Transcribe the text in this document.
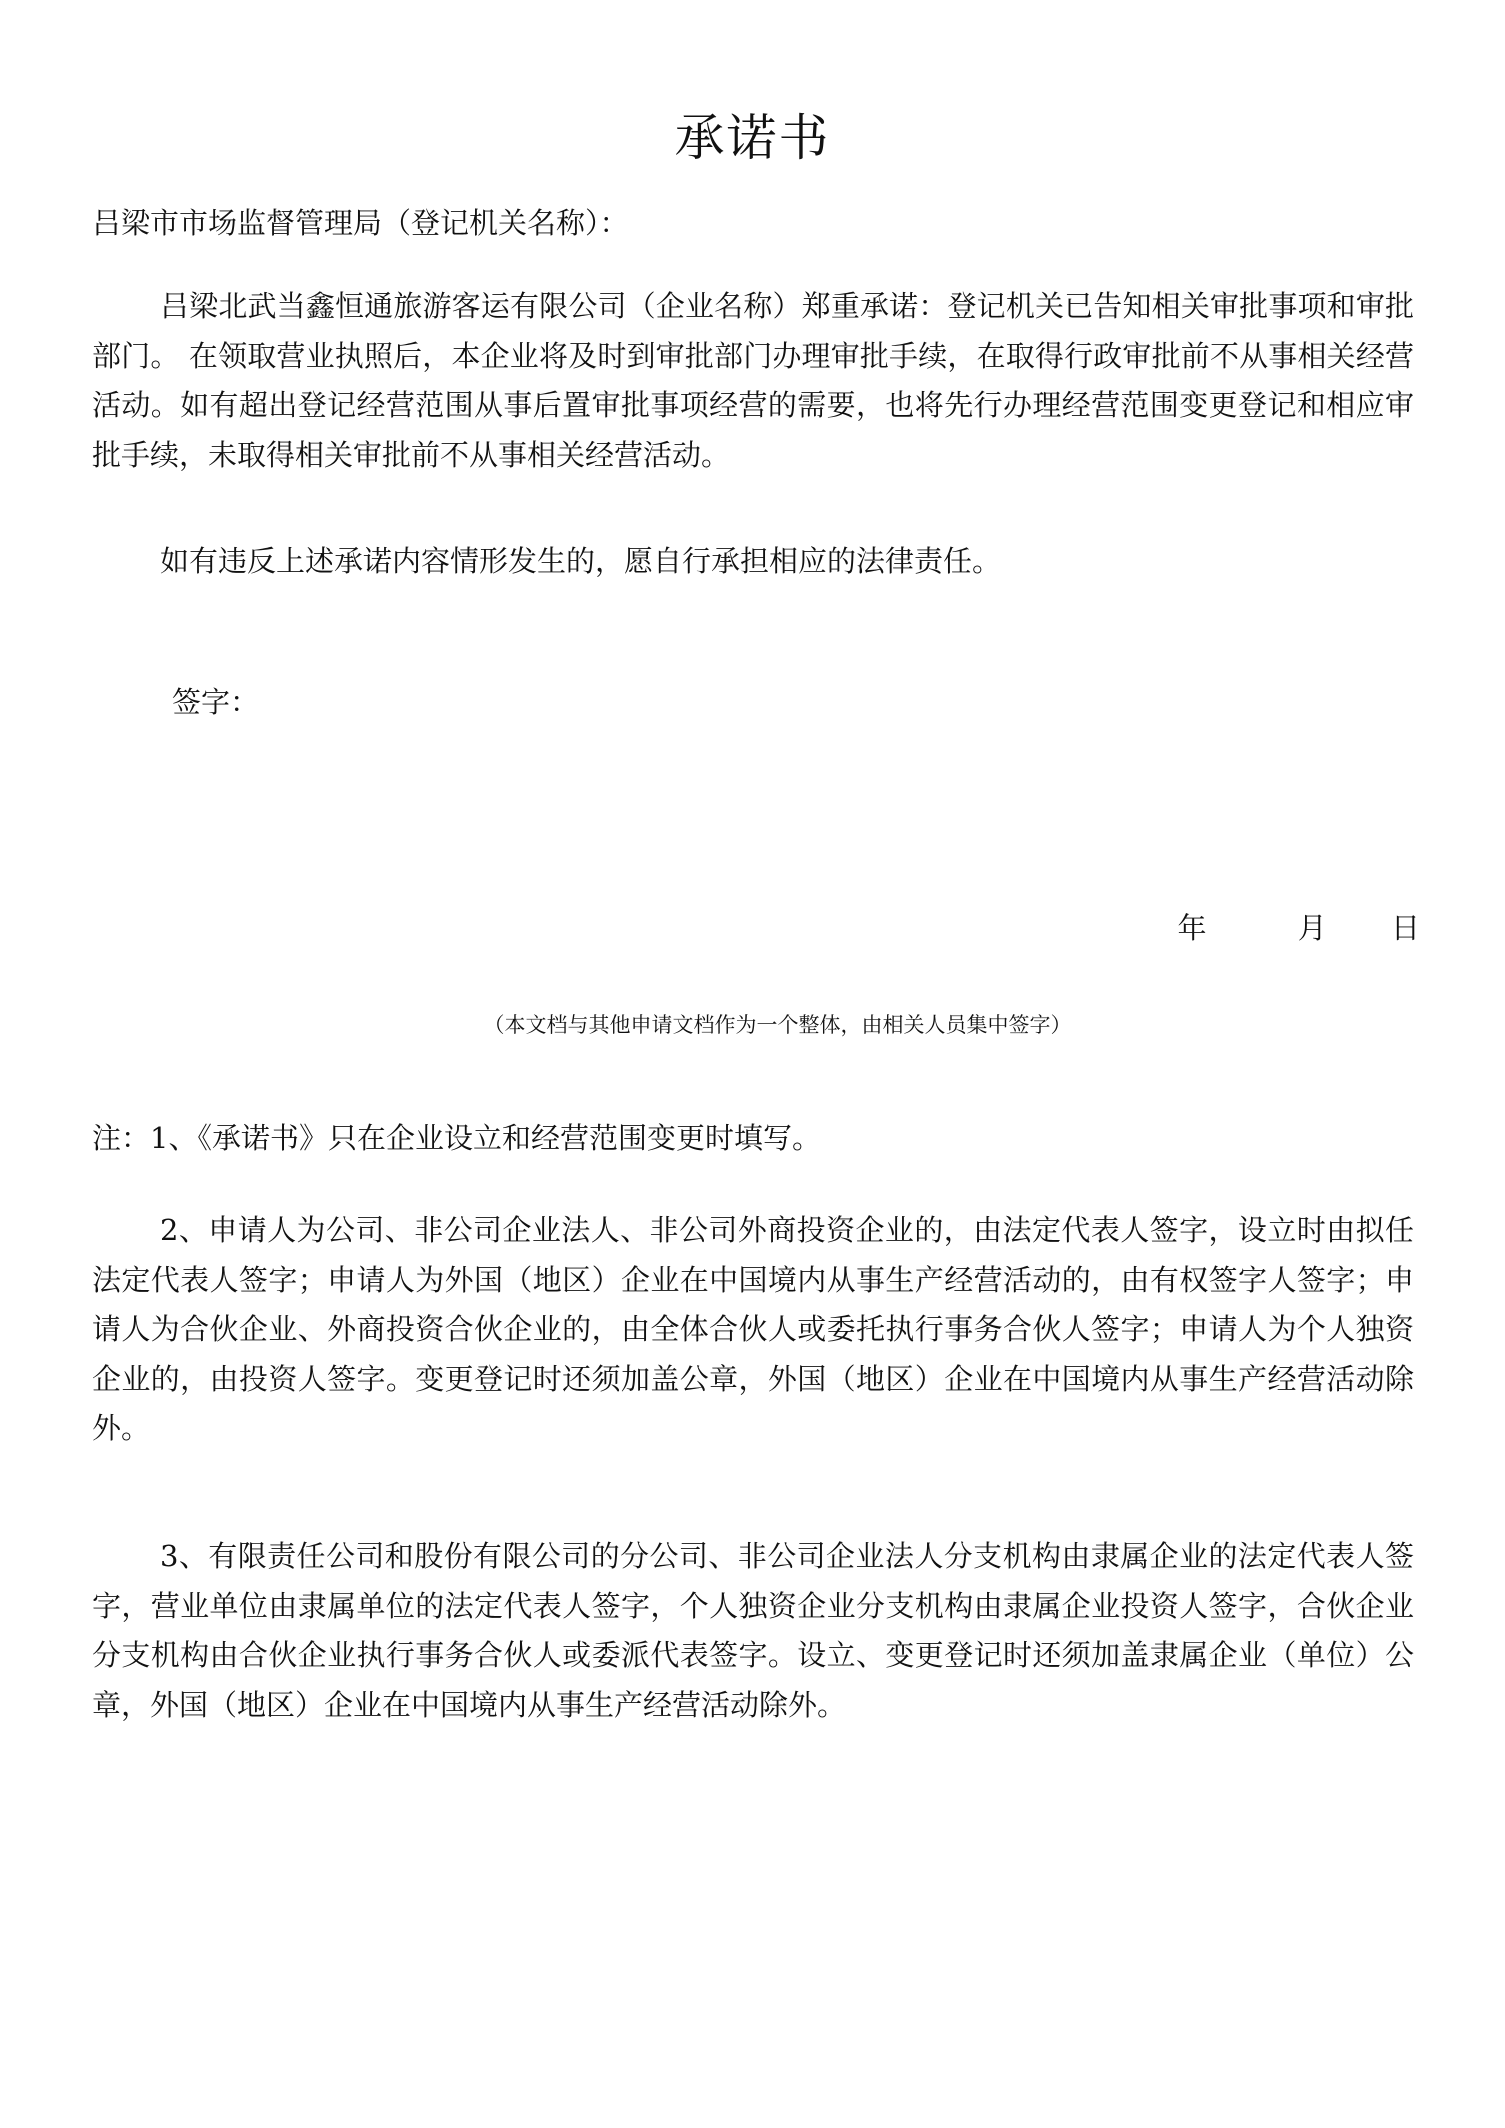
承诺书
吕梁市市场监督管理局（登记机关名称）：
吕梁北武当鑫恒通旅游客运有限公司（企业名称）郑重承诺：登记机关已告知相关审批事项和审批部门。 在领取营业执照后，本企业将及时到审批部门办理审批手续，在取得行政审批前不从事相关经营活动。如有超出登记经营范围从事后置审批事项经营的需要，也将先行办理经营范围变更登记和相应审批手续，未取得相关审批前不从事相关经营活动。
如有违反上述承诺内容情形发生的，愿自行承担相应的法律责任。
签字：
年	月 日
（本文档与其他申请文档作为一个整体，由相关人员集中签字）
注：1、《承诺书》只在企业设立和经营范围变更时填写。
2、申请人为公司、非公司企业法人、非公司外商投资企业的，由法定代表人签字，设立时由拟任法定代表人签字；申请人为外国（地区）企业在中国境内从事生产经营活动的，由有权签字人签字；申请人为合伙企业、外商投资合伙企业的，由全体合伙人或委托执行事务合伙人签字；申请人为个人独资企业的，由投资人签字。变更登记时还须加盖公章，外国（地区）企业在中国境内从事生产经营活动除外。
3、有限责任公司和股份有限公司的分公司、非公司企业法人分支机构由隶属企业的法定代表人签字，营业单位由隶属单位的法定代表人签字，个人独资企业分支机构由隶属企业投资人签字，合伙企业分支机构由合伙企业执行事务合伙人或委派代表签字。设立、变更登记时还须加盖隶属企业（单位）公章，外国（地区）企业在中国境内从事生产经营活动除外。
